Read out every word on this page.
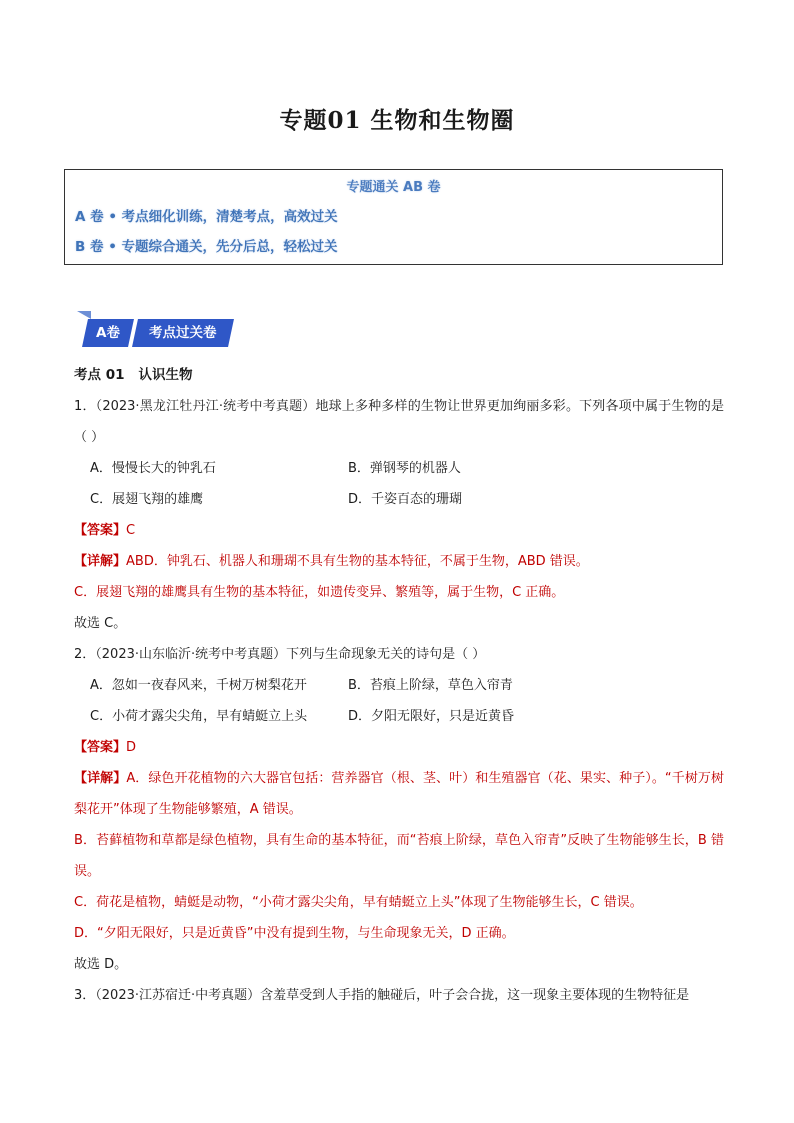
专题01 生物和生物圈
专题通关 AB 卷
A 卷 • 考点细化训练，清楚考点，高效过关
B 卷 • 专题综合通关，先分后总，轻松过关
A卷	考点过关卷
考点 01 认识生物
1．（2023·黑龙江牡丹江·统考中考真题）地球上多种多样的生物让世界更加绚丽多彩。下列各项中属于生物的是（ ）
A．慢慢长大的钟乳石	B．弹钢琴的机器人
C．展翅飞翔的雄鹰	D．千姿百态的珊瑚
【答案】C
【详解】ABD．钟乳石、机器人和珊瑚不具有生物的基本特征，不属于生物，ABD 错误。
C．展翅飞翔的雄鹰具有生物的基本特征，如遗传变异、繁殖等，属于生物，C 正确。
故选 C。
2．（2023·山东临沂·统考中考真题）下列与生命现象无关的诗句是（ ）
A．忽如一夜春风来，千树万树梨花开	B．苔痕上阶绿，草色入帘青
C．小荷才露尖尖角，早有蜻蜓立上头	D．夕阳无限好，只是近黄昏
【答案】D
【详解】A．绿色开花植物的六大器官包括：营养器官（根、茎、叶）和生殖器官（花、果实、种子）。“千树万树梨花开”体现了生物能够繁殖，A 错误。
B．苔藓植物和草都是绿色植物，具有生命的基本特征，而“苔痕上阶绿，草色入帘青”反映了生物能够生长，B 错误。
C．荷花是植物，蜻蜓是动物，“小荷才露尖尖角，早有蜻蜓立上头”体现了生物能够生长，C 错误。
D．“夕阳无限好，只是近黄昏”中没有提到生物，与生命现象无关，D 正确。
故选 D。
3．（2023·江苏宿迁·中考真题）含羞草受到人手指的触碰后，叶子会合拢，这一现象主要体现的生物特征是
